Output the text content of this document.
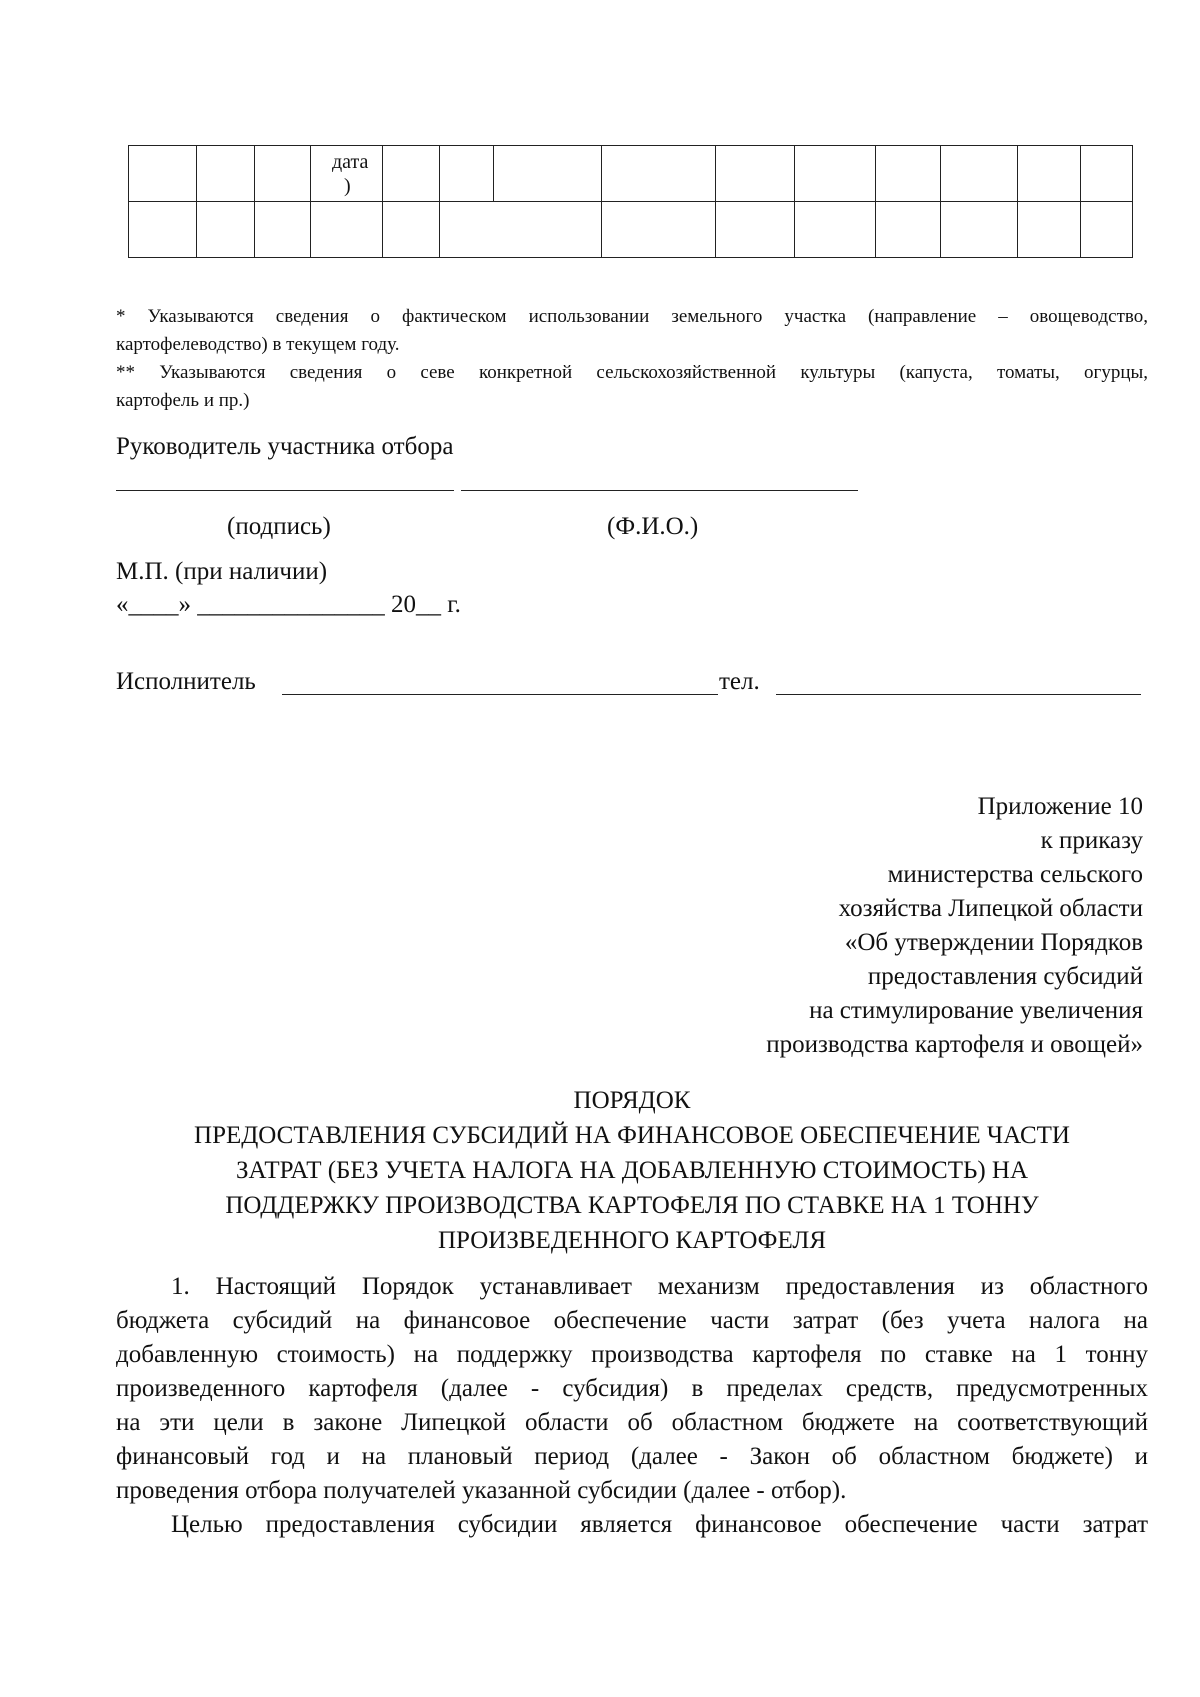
дата
)
* Указываются сведения о фактическом использовании земельного участка (направление – овощеводство,
картофелеводство) в текущем году.
** Указываются сведения о севе конкретной сельскохозяйственной культуры (капуста, томаты, огурцы,
картофель и пр.)
Руководитель участника отбора
(подпись)	(Ф.И.О.)
М.П. (при наличии)
«____» _______________ 20__ г.
Исполнитель	тел.
Приложение 10
к приказу
министерства сельского
хозяйства Липецкой области
«Об утверждении Порядков
предоставления субсидий
на стимулирование увеличения
производства картофеля и овощей»
ПОРЯДОК
ПРЕДОСТАВЛЕНИЯ СУБСИДИЙ НА ФИНАНСОВОЕ ОБЕСПЕЧЕНИЕ ЧАСТИ
ЗАТРАТ (БЕЗ УЧЕТА НАЛОГА НА ДОБАВЛЕННУЮ СТОИМОСТЬ) НА
ПОДДЕРЖКУ ПРОИЗВОДСТВА КАРТОФЕЛЯ ПО СТАВКЕ НА 1 ТОННУ
ПРОИЗВЕДЕННОГО КАРТОФЕЛЯ
1. Настоящий Порядок устанавливает механизм предоставления из областного
бюджета субсидий на финансовое обеспечение части затрат (без учета налога на
добавленную стоимость) на поддержку производства картофеля по ставке на 1 тонну
произведенного картофеля (далее - субсидия) в пределах средств, предусмотренных
на эти цели в законе Липецкой области об областном бюджете на соответствующий
финансовый год и на плановый период (далее - Закон об областном бюджете) и
проведения отбора получателей указанной субсидии (далее - отбор).
Целью предоставления субсидии является финансовое обеспечение части затрат
